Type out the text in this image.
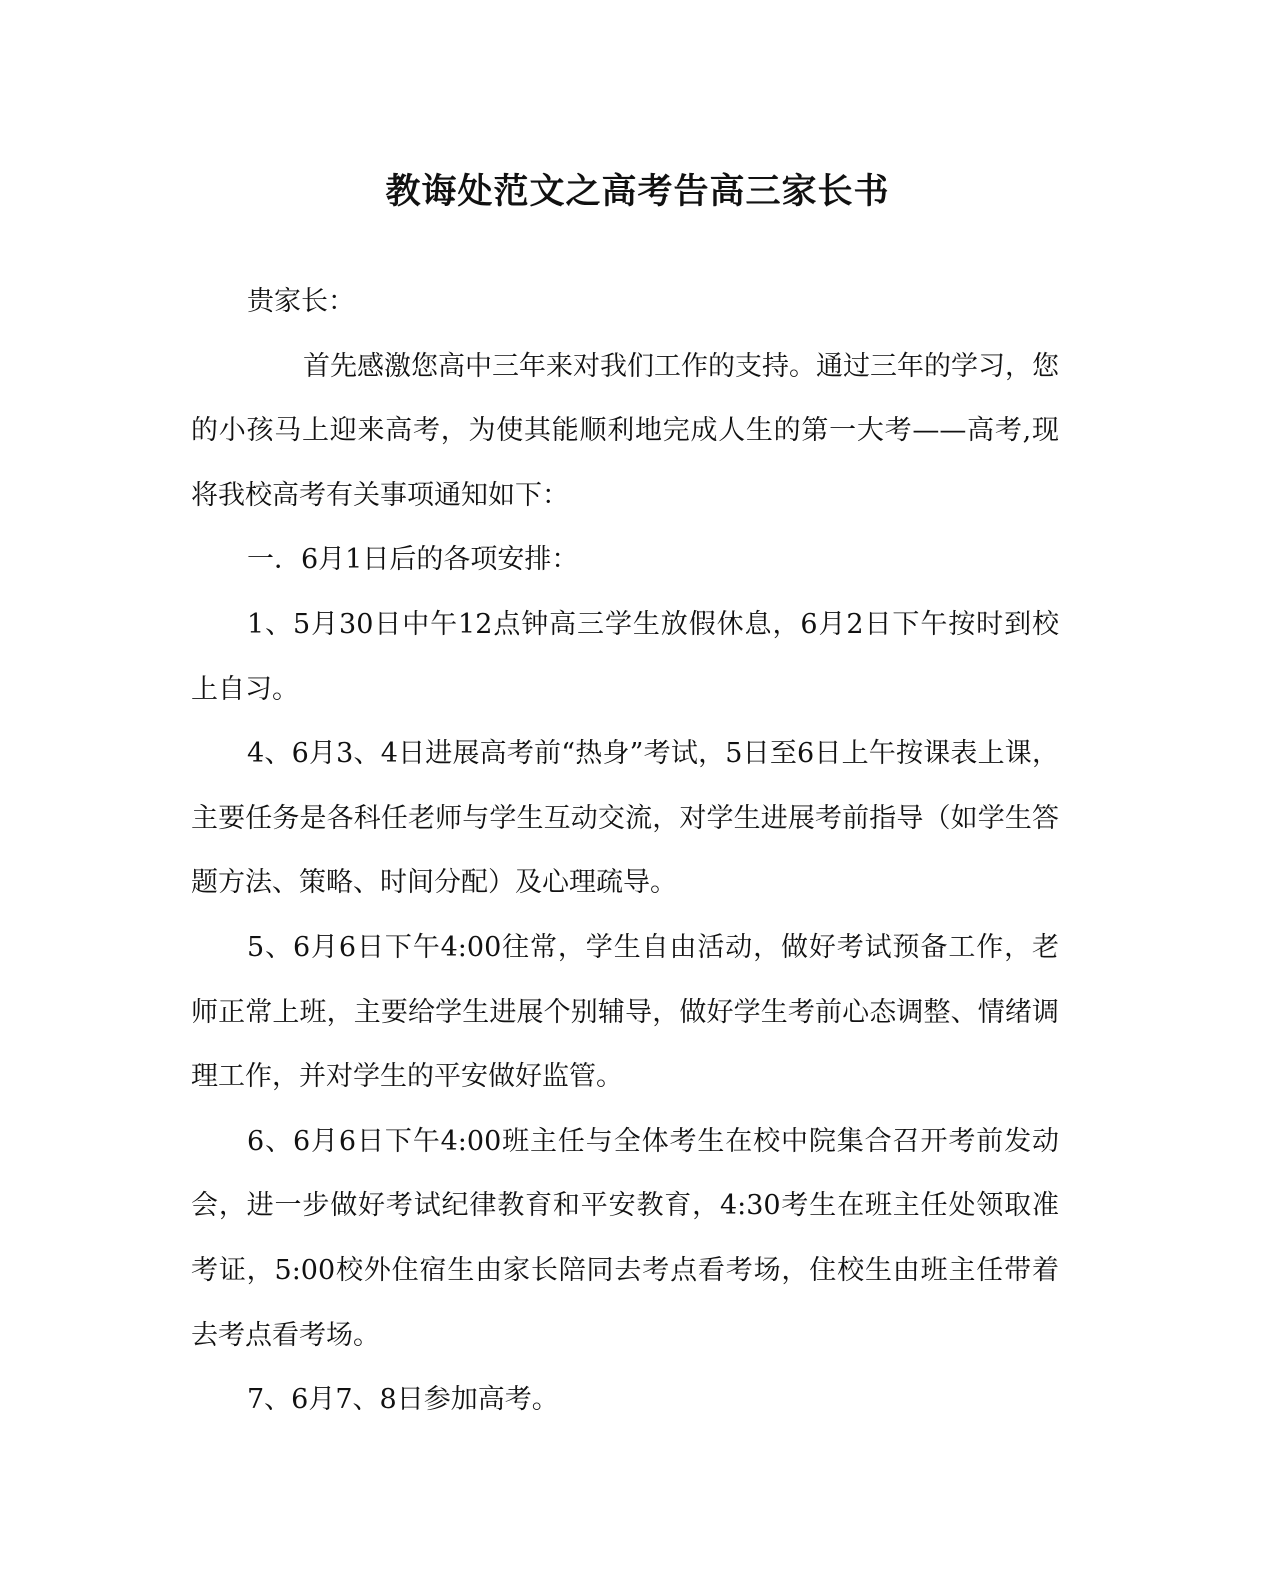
教诲处范文之高考告高三家长书

贵家长：

首先感激您高中三年来对我们工作的支持。通过三年的学习，您的小孩马上迎来高考，为使其能顺利地完成人生的第一大考——高考,现将我校高考有关事项通知如下：

一．6月1日后的各项安排：

1、5月30日中午12点钟高三学生放假休息，6月2日下午按时到校上自习。

4、6月3、4日进展高考前“热身”考试，5日至6日上午按课表上课，主要任务是各科任老师与学生互动交流，对学生进展考前指导（如学生答题方法、策略、时间分配）及心理疏导。

5、6月6日下午4:00往常，学生自由活动，做好考试预备工作，老师正常上班，主要给学生进展个别辅导，做好学生考前心态调整、情绪调理工作，并对学生的平安做好监管。

6、6月6日下午4:00班主任与全体考生在校中院集合召开考前发动会，进一步做好考试纪律教育和平安教育，4:30考生在班主任处领取准考证，5:00校外住宿生由家长陪同去考点看考场，住校生由班主任带着去考点看考场。

7、6月7、8日参加高考。
